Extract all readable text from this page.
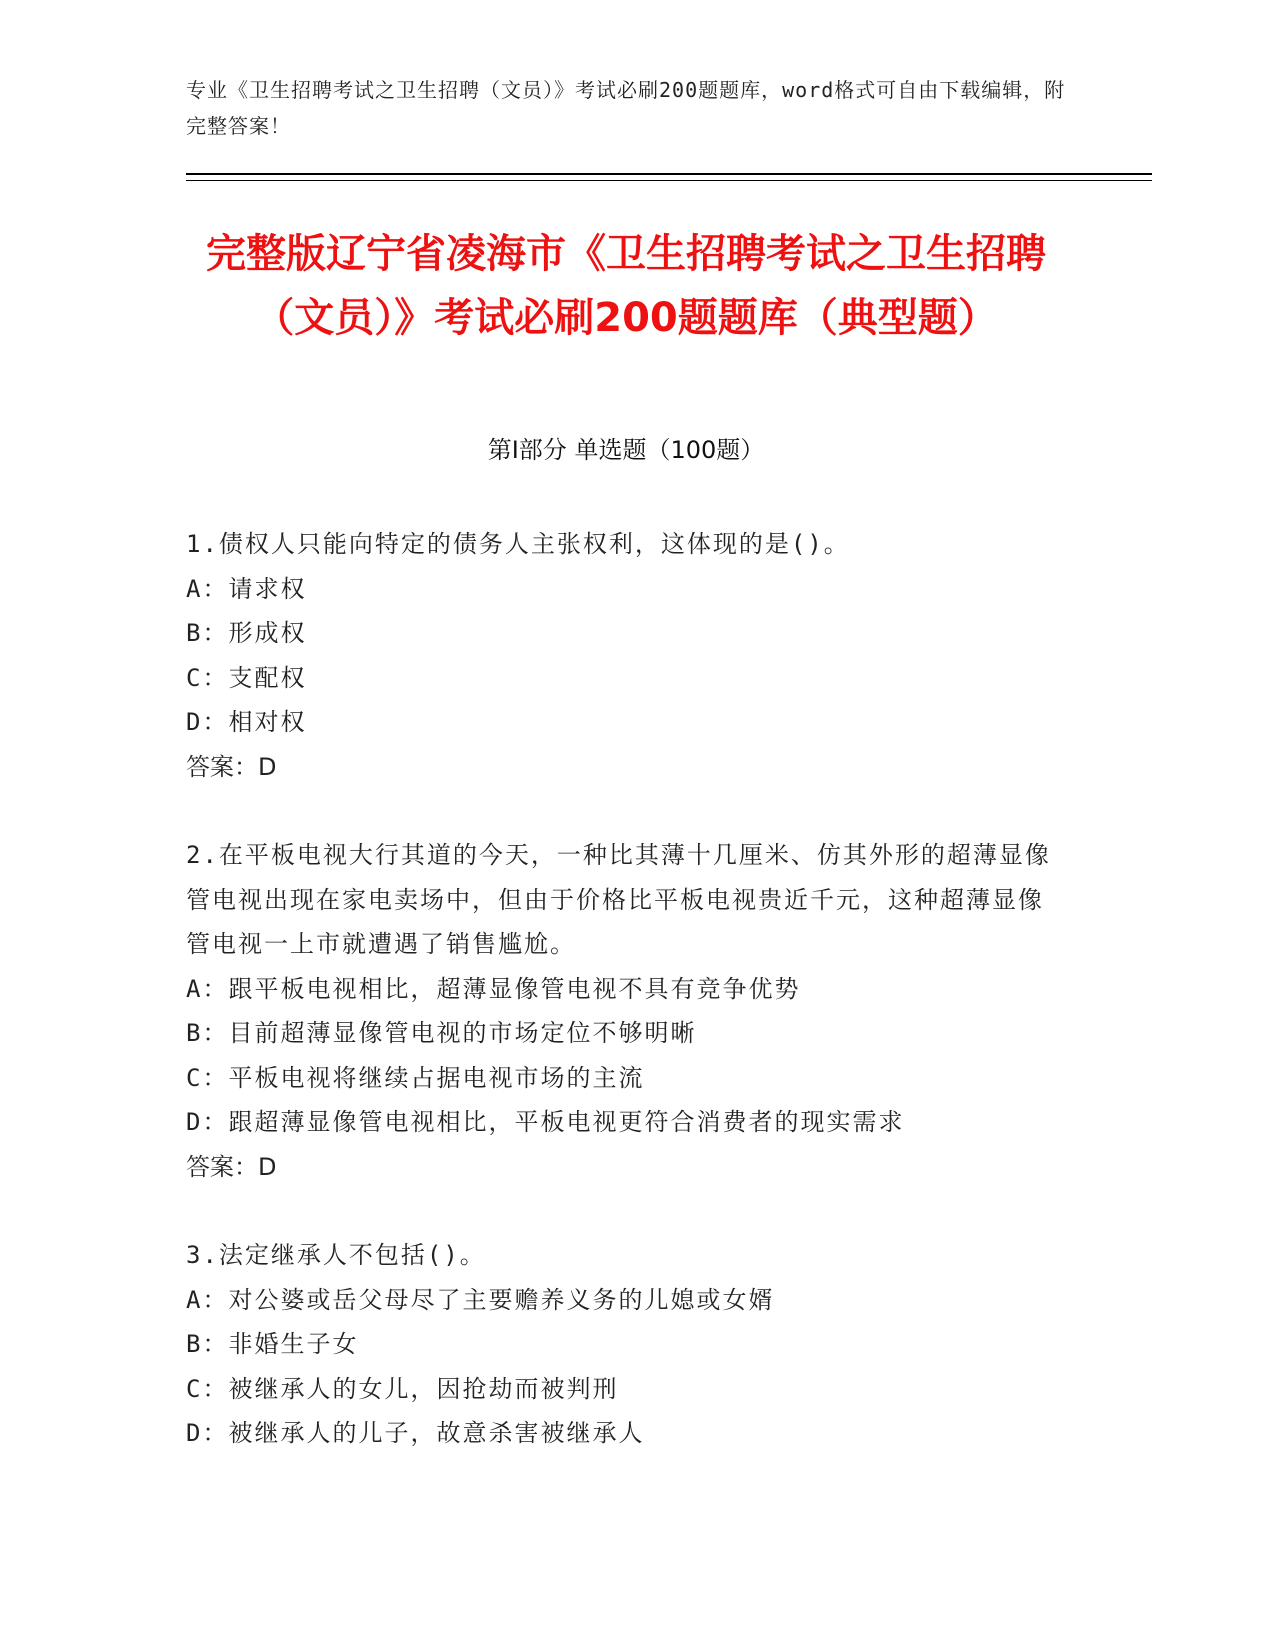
专业《卫生招聘考试之卫生招聘（文员）》考试必刷200题题库，word格式可自由下载编辑，附完整答案！
完整版辽宁省凌海市《卫生招聘考试之卫生招聘（文员）》考试必刷200题题库（典型题）
第Ⅰ部分 单选题（100题）
1.债权人只能向特定的债务人主张权利，这体现的是()。
A：请求权
B：形成权
C：支配权
D：相对权
答案：D
2.在平板电视大行其道的今天，一种比其薄十几厘米、仿其外形的超薄显像管电视出现在家电卖场中，但由于价格比平板电视贵近千元，这种超薄显像管电视一上市就遭遇了销售尴尬。
A：跟平板电视相比，超薄显像管电视不具有竞争优势
B：目前超薄显像管电视的市场定位不够明晰
C：平板电视将继续占据电视市场的主流
D：跟超薄显像管电视相比，平板电视更符合消费者的现实需求
答案：D
3.法定继承人不包括()。
A：对公婆或岳父母尽了主要赡养义务的儿媳或女婿
B：非婚生子女
C：被继承人的女儿，因抢劫而被判刑
D：被继承人的儿子，故意杀害被继承人
